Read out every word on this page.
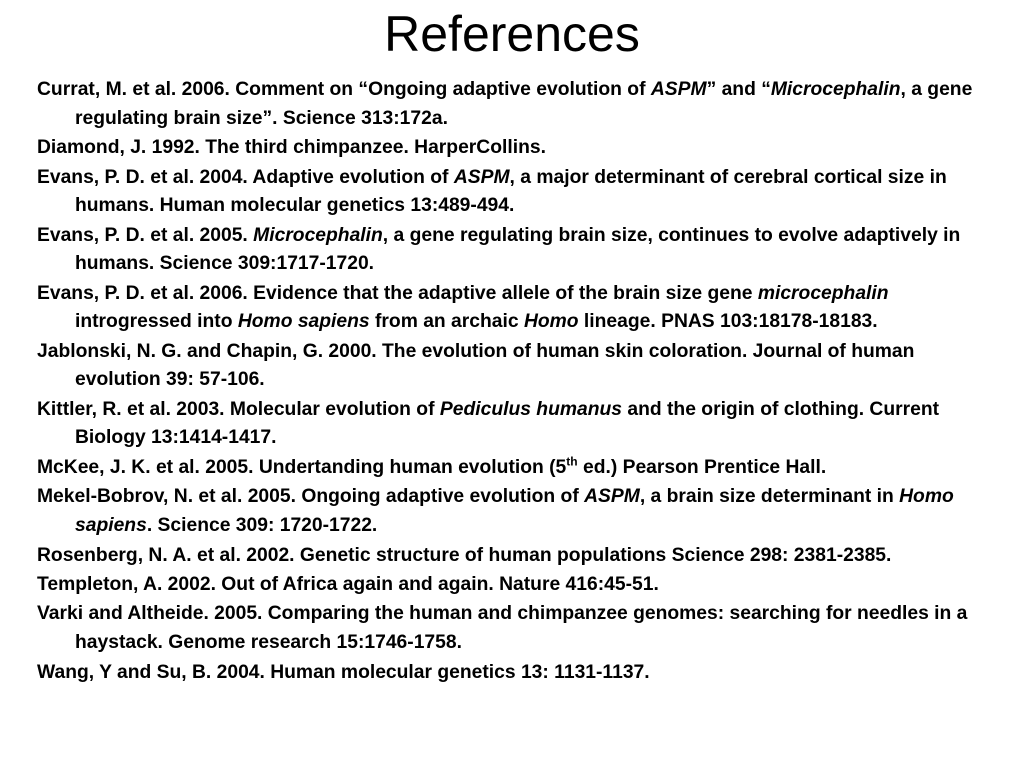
References
Currat, M. et al. 2006. Comment on “Ongoing adaptive evolution of ASPM” and “Microcephalin, a gene regulating brain size”. Science 313:172a.
Diamond, J. 1992. The third chimpanzee. HarperCollins.
Evans, P. D. et al. 2004. Adaptive evolution of ASPM, a major determinant of cerebral cortical size in humans. Human molecular genetics 13:489-494.
Evans, P. D. et al. 2005. Microcephalin, a gene regulating brain size, continues to evolve adaptively in humans. Science 309:1717-1720.
Evans, P. D. et al. 2006. Evidence that the adaptive allele of the brain size gene microcephalin introgressed into Homo sapiens from an archaic Homo lineage. PNAS 103:18178-18183.
Jablonski, N. G. and Chapin, G. 2000. The evolution of human skin coloration. Journal of human evolution 39: 57-106.
Kittler, R. et al. 2003. Molecular evolution of Pediculus humanus and the origin of clothing. Current Biology 13:1414-1417.
McKee, J. K. et al. 2005. Undertanding human evolution (5th ed.) Pearson Prentice Hall.
Mekel-Bobrov, N. et al. 2005. Ongoing adaptive evolution of ASPM, a brain size determinant in Homo sapiens. Science 309: 1720-1722.
Rosenberg, N. A. et al. 2002. Genetic structure of human populations Science 298: 2381-2385.
Templeton, A. 2002. Out of Africa again and again. Nature 416:45-51.
Varki and Altheide. 2005. Comparing the human and chimpanzee genomes: searching for needles in a haystack. Genome research 15:1746-1758.
Wang, Y and Su, B. 2004. Human molecular genetics 13: 1131-1137.
